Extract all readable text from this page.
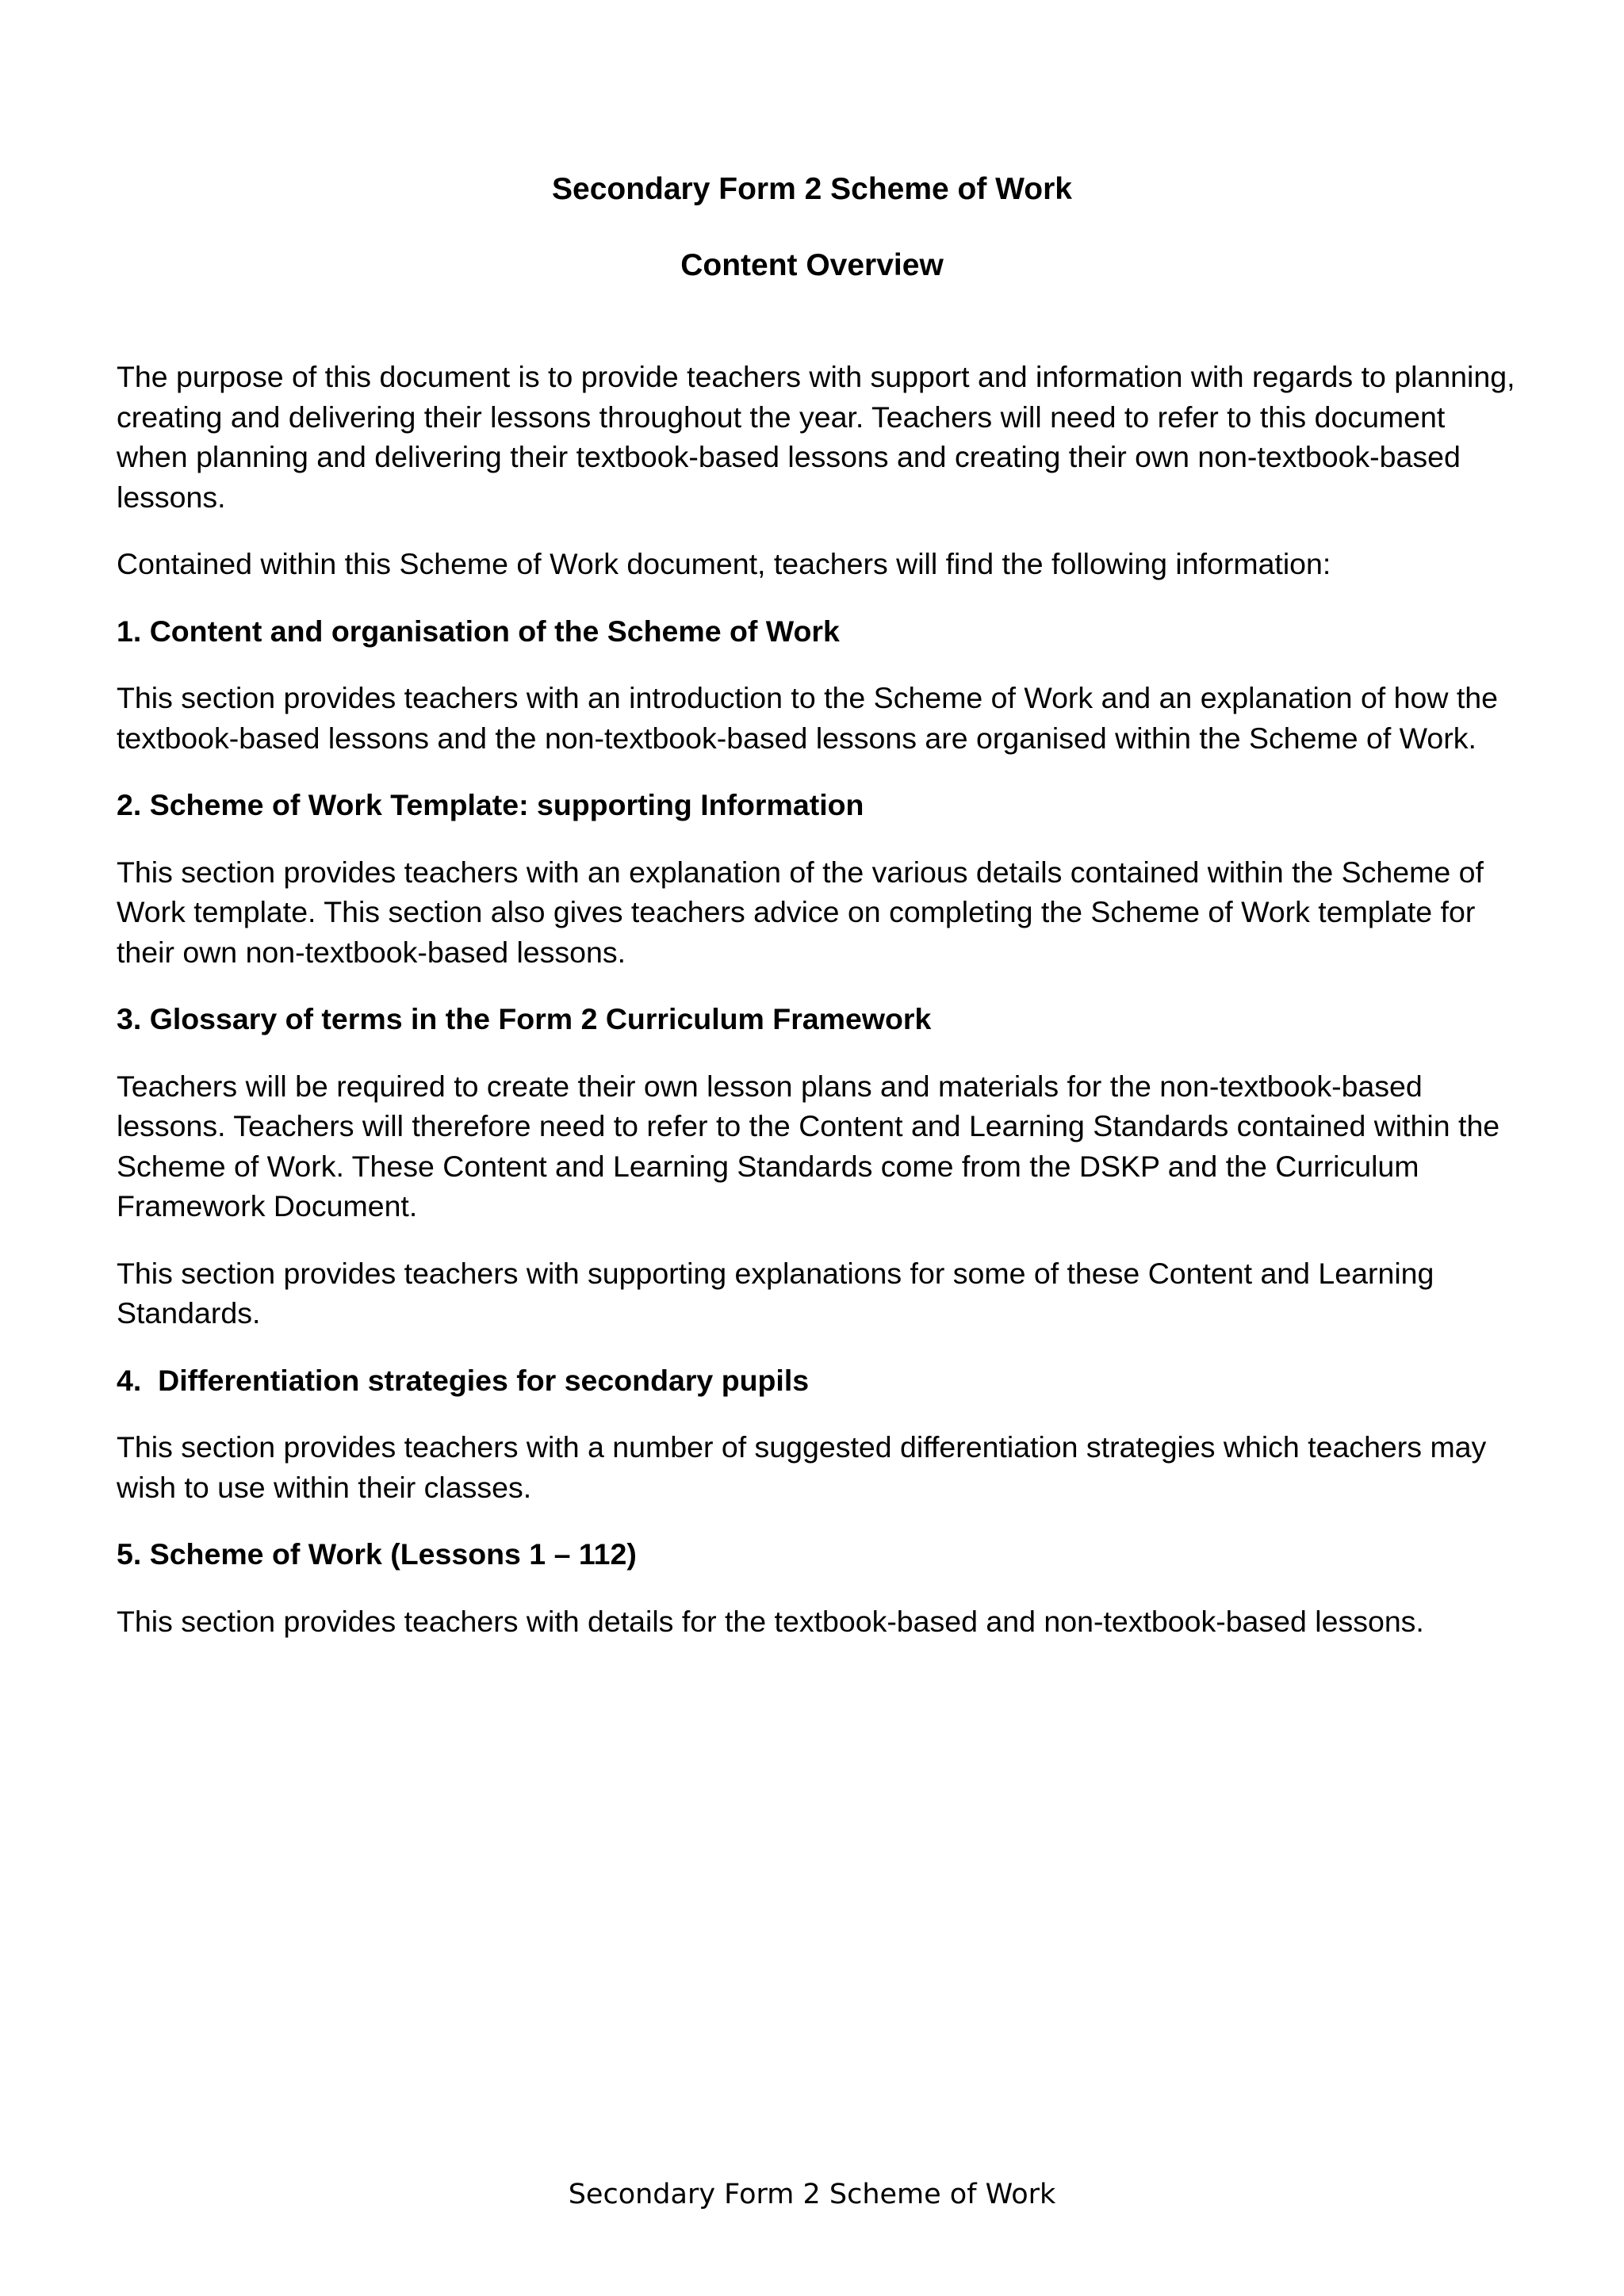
Secondary Form 2 Scheme of Work
Content Overview

The purpose of this document is to provide teachers with support and information with regards to planning, creating and delivering their lessons throughout the year. Teachers will need to refer to this document when planning and delivering their textbook-based lessons and creating their own non-textbook-based lessons.

Contained within this Scheme of Work document, teachers will find the following information:

1. Content and organisation of the Scheme of Work

This section provides teachers with an introduction to the Scheme of Work and an explanation of how the textbook-based lessons and the non-textbook-based lessons are organised within the Scheme of Work.

2. Scheme of Work Template: supporting Information

This section provides teachers with an explanation of the various details contained within the Scheme of Work template. This section also gives teachers advice on completing the Scheme of Work template for their own non-textbook-based lessons.

3. Glossary of terms in the Form 2 Curriculum Framework

Teachers will be required to create their own lesson plans and materials for the non-textbook-based lessons. Teachers will therefore need to refer to the Content and Learning Standards contained within the Scheme of Work. These Content and Learning Standards come from the DSKP and the Curriculum Framework Document.

This section provides teachers with supporting explanations for some of these Content and Learning Standards.

4.  Differentiation strategies for secondary pupils

This section provides teachers with a number of suggested differentiation strategies which teachers may wish to use within their classes.

5. Scheme of Work (Lessons 1 – 112)

This section provides teachers with details for the textbook-based and non-textbook-based lessons.

Secondary Form 2 Scheme of Work
